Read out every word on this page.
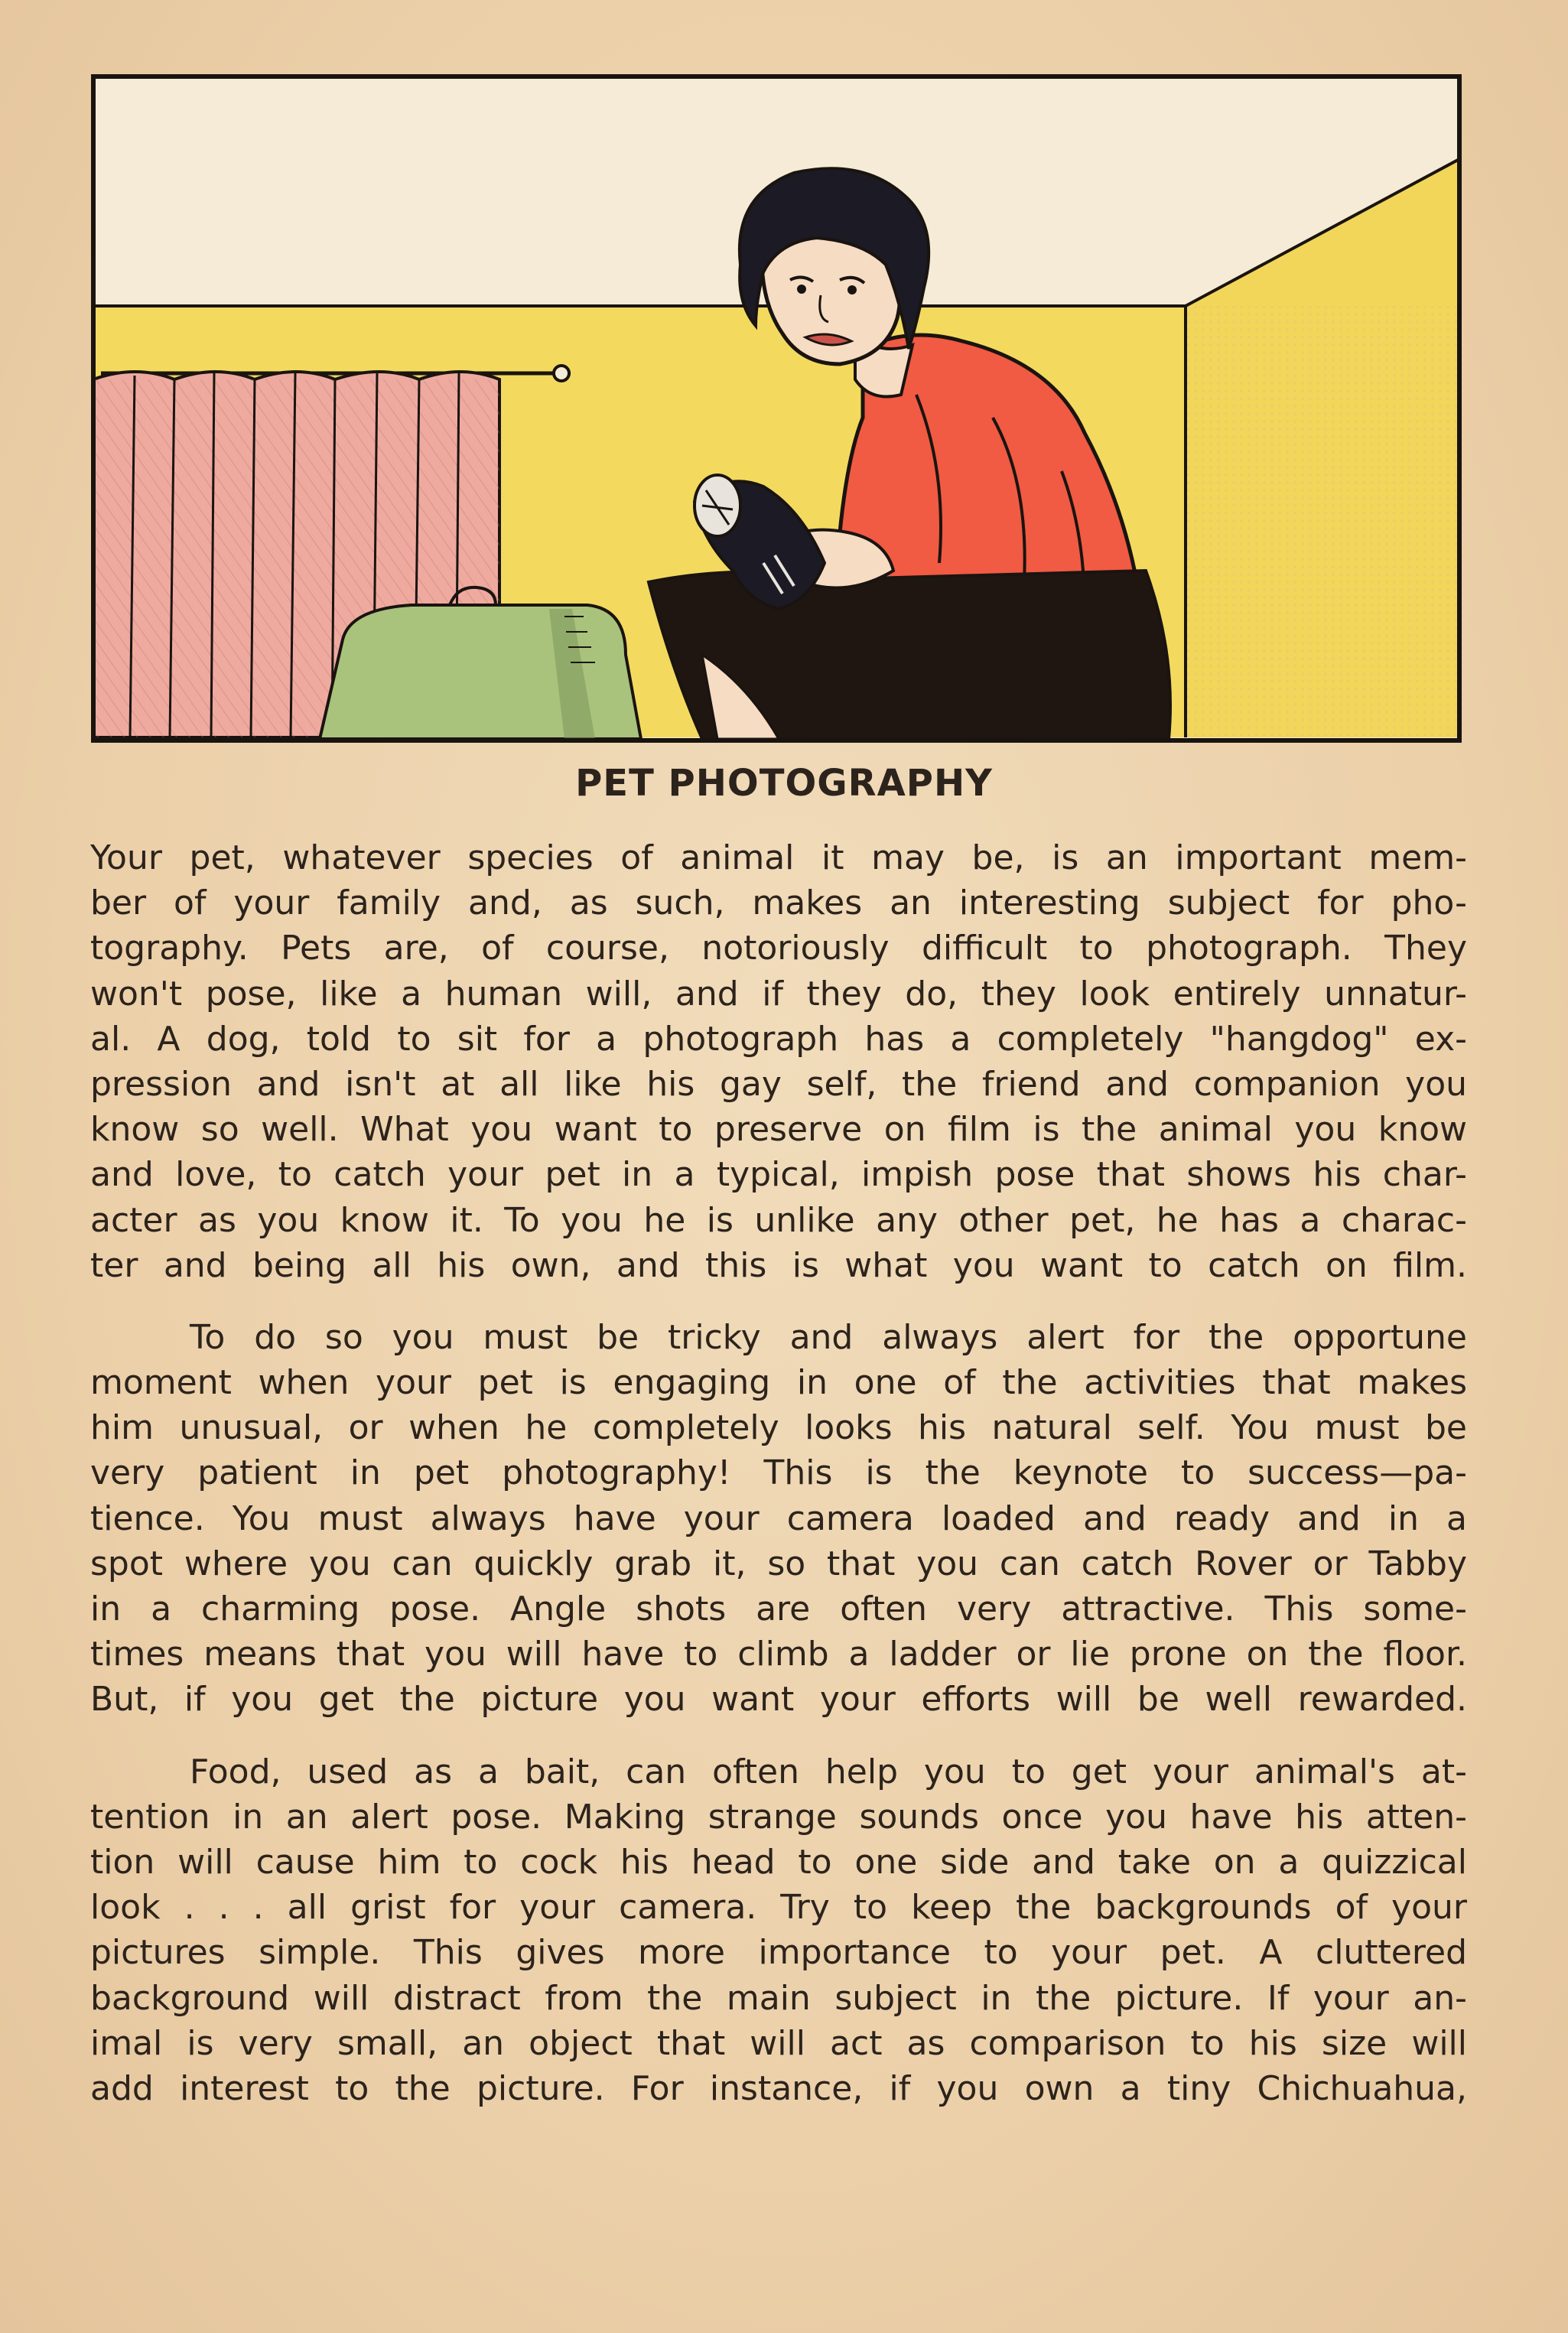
PET PHOTOGRAPHY
Your pet, whatever species of animal it may be, is an important mem-
ber of your family and, as such, makes an interesting subject for pho-
tography. Pets are, of course, notoriously difficult to photograph. They
won't pose, like a human will, and if they do, they look entirely unnatur-
al. A dog, told to sit for a photograph has a completely "hangdog" ex-
pression and isn't at all like his gay self, the friend and companion you
know so well. What you want to preserve on film is the animal you know
and love, to catch your pet in a typical, impish pose that shows his char-
acter as you know it. To you he is unlike any other pet, he has a charac-
ter and being all his own, and this is what you want to catch on film.
To do so you must be tricky and always alert for the opportune
moment when your pet is engaging in one of the activities that makes
him unusual, or when he completely looks his natural self. You must be
very patient in pet photography! This is the keynote to success—pa-
tience. You must always have your camera loaded and ready and in a
spot where you can quickly grab it, so that you can catch Rover or Tabby
in a charming pose. Angle shots are often very attractive. This some-
times means that you will have to climb a ladder or lie prone on the floor.
But, if you get the picture you want your efforts will be well rewarded.
Food, used as a bait, can often help you to get your animal's at-
tention in an alert pose. Making strange sounds once you have his atten-
tion will cause him to cock his head to one side and take on a quizzical
look . . . all grist for your camera. Try to keep the backgrounds of your
pictures simple. This gives more importance to your pet. A cluttered
background will distract from the main subject in the picture. If your an-
imal is very small, an object that will act as comparison to his size will
add interest to the picture. For instance, if you own a tiny Chichuahua,
